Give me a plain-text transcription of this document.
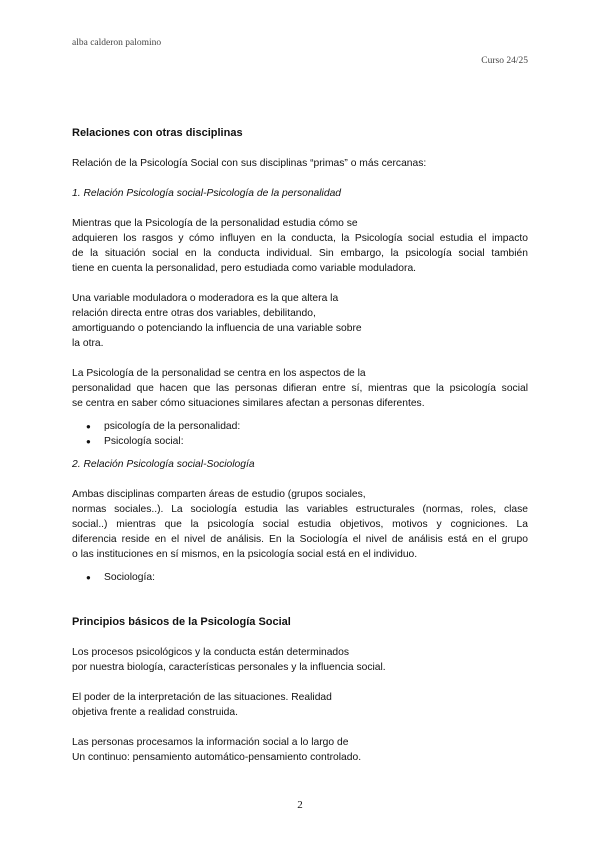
alba calderon palomino
Curso 24/25

Relaciones con otras disciplinas

Relación de la Psicología Social con sus disciplinas “primas” o más cercanas:

1. Relación Psicología social-Psicología de la personalidad

Mientras que la Psicología de la personalidad estudia cómo se
adquieren los rasgos y cómo influyen en la conducta, la Psicología social estudia el impacto
de la situación social en la conducta individual. Sin embargo, la psicología social también
tiene en cuenta la personalidad, pero estudiada como variable moduladora.

Una variable moduladora o moderadora es la que altera la
relación directa entre otras dos variables, debilitando,
amortiguando o potenciando la influencia de una variable sobre
la otra.

La Psicología de la personalidad se centra en los aspectos de la
personalidad que hacen que las personas difieran entre sí, mientras que la psicología social
se centra en saber cómo situaciones similares afectan a personas diferentes.

● psicología de la personalidad:
● Psicología social:

2. Relación Psicología social-Sociología

Ambas disciplinas comparten áreas de estudio (grupos sociales,
normas sociales..). La sociología estudia las variables estructurales (normas, roles, clase
social..) mientras que la psicología social estudia objetivos, motivos y cogniciones. La
diferencia reside en el nivel de análisis. En la Sociología el nivel de análisis está en el grupo
o las instituciones en sí mismos, en la psicología social está en el individuo.

● Sociología:

Principios básicos de la Psicología Social

Los procesos psicológicos y la conducta están determinados
por nuestra biología, características personales y la influencia social.

El poder de la interpretación de las situaciones. Realidad
objetiva frente a realidad construida.

Las personas procesamos la información social a lo largo de
Un continuo: pensamiento automático-pensamiento controlado.

2
